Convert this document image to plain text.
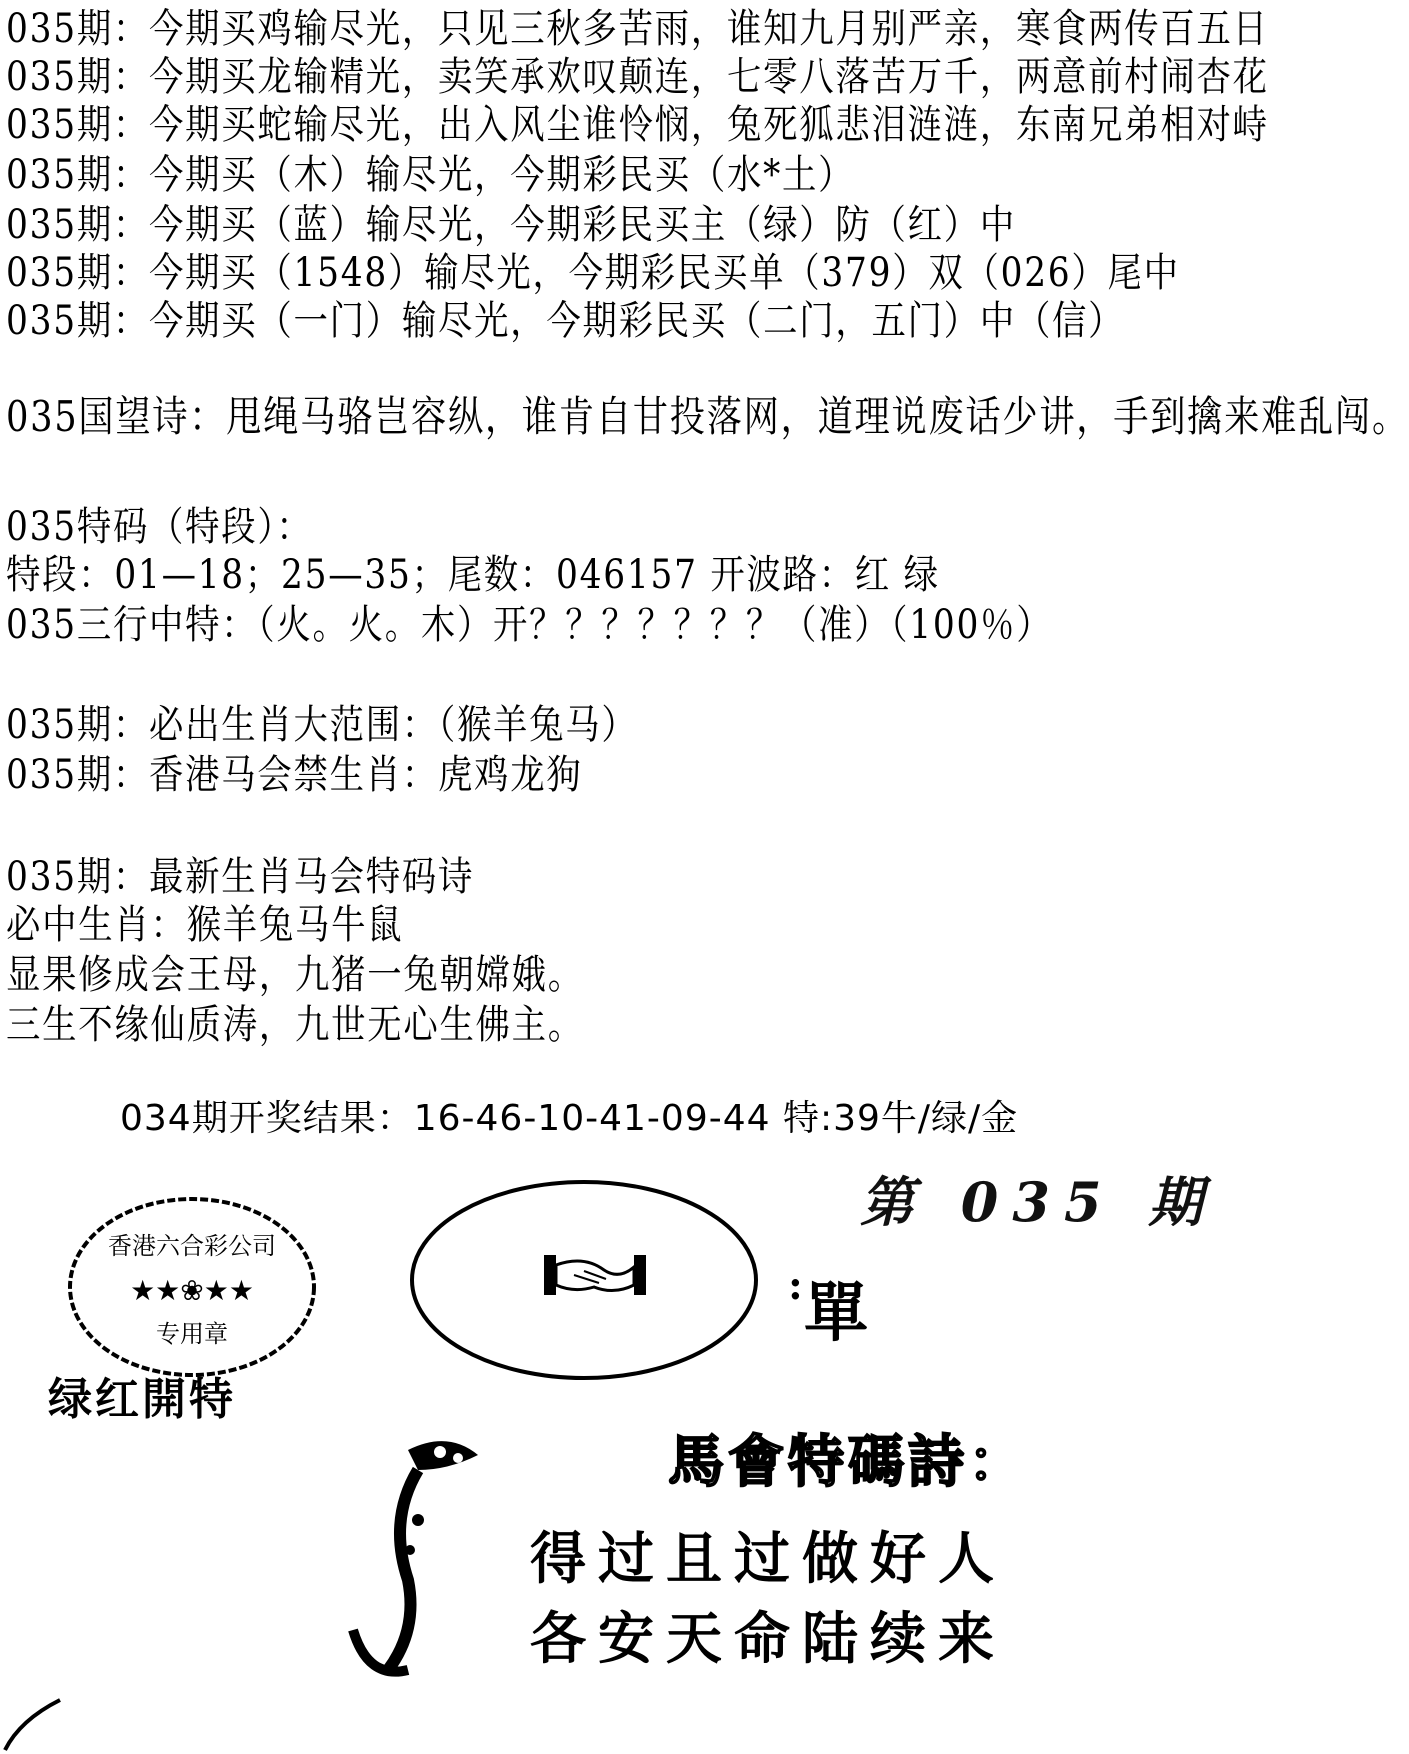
035期：今期买鸡输尽光，只见三秋多苦雨，谁知九月别严亲，寒食两传百五日
035期：今期买龙输精光，卖笑承欢叹颠连，七零八落苦万千，两意前村闹杏花
035期：今期买蛇输尽光，出入风尘谁怜悯，兔死狐悲泪涟涟，东南兄弟相对峙
035期：今期买（木）输尽光，今期彩民买（水*土）
035期：今期买（蓝）输尽光，今期彩民买主（绿）防（红）中
035期：今期买（1548）输尽光，今期彩民买单（379）双（026）尾中
035期：今期买（一门）输尽光，今期彩民买（二门，五门）中（信）
035国望诗：甩绳马骆岂容纵，谁肯自甘投落网，道理说废话少讲，手到擒来难乱闯。
035特码（特段）：
特段：01—18；25—35；尾数：046157 开波路：红 绿
035三行中特：（火。火。木）开？？？？？？？（准）（100％）
035期：必出生肖大范围：（猴羊兔马）
035期：香港马会禁生肖：虎鸡龙狗
035期：最新生肖马会特码诗
必中生肖：猴羊兔马牛鼠
显果修成会王母，九猪一兔朝嫦娥。
三生不缘仙质涛，九世无心生佛主。
034期开奖结果：16-46-10-41-09-44 特:39牛/绿/金
香港六合彩公司
★★❀★★
专用章
第 035 期
: 單
绿红開特
馬會特碼詩：
得过且过做好人
各安天命陆续来
